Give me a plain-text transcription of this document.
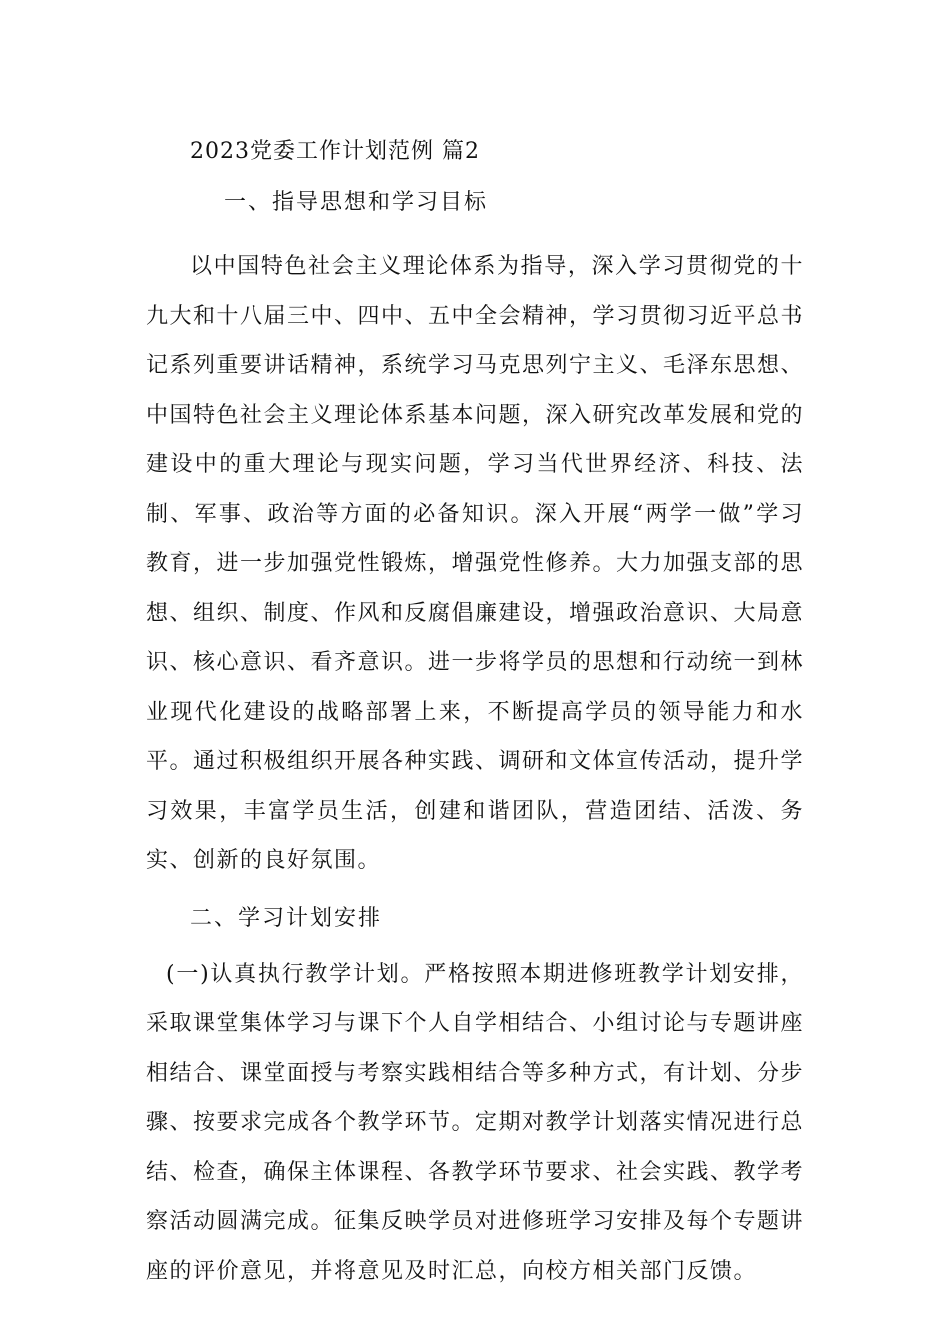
2023党委工作计划范例 篇2
一、指导思想和学习目标

以中国特色社会主义理论体系为指导，深入学习贯彻党的十九大和十八届三中、四中、五中全会精神，学习贯彻习近平总书记系列重要讲话精神，系统学习马克思列宁主义、毛泽东思想、中国特色社会主义理论体系基本问题，深入研究改革发展和党的建设中的重大理论与现实问题，学习当代世界经济、科技、法制、军事、政治等方面的必备知识。深入开展“两学一做”学习教育，进一步加强党性锻炼，增强党性修养。大力加强支部的思想、组织、制度、作风和反腐倡廉建设，增强政治意识、大局意识、核心意识、看齐意识。进一步将学员的思想和行动统一到林业现代化建设的战略部署上来，不断提高学员的领导能力和水平。通过积极组织开展各种实践、调研和文体宣传活动，提升学习效果，丰富学员生活，创建和谐团队，营造团结、活泼、务实、创新的良好氛围。

二、学习计划安排

(一)认真执行教学计划。严格按照本期进修班教学计划安排，采取课堂集体学习与课下个人自学相结合、小组讨论与专题讲座相结合、课堂面授与考察实践相结合等多种方式，有计划、分步骤、按要求完成各个教学环节。定期对教学计划落实情况进行总结、检查，确保主体课程、各教学环节要求、社会实践、教学考察活动圆满完成。征集反映学员对进修班学习安排及每个专题讲座的评价意见，并将意见及时汇总，向校方相关部门反馈。
